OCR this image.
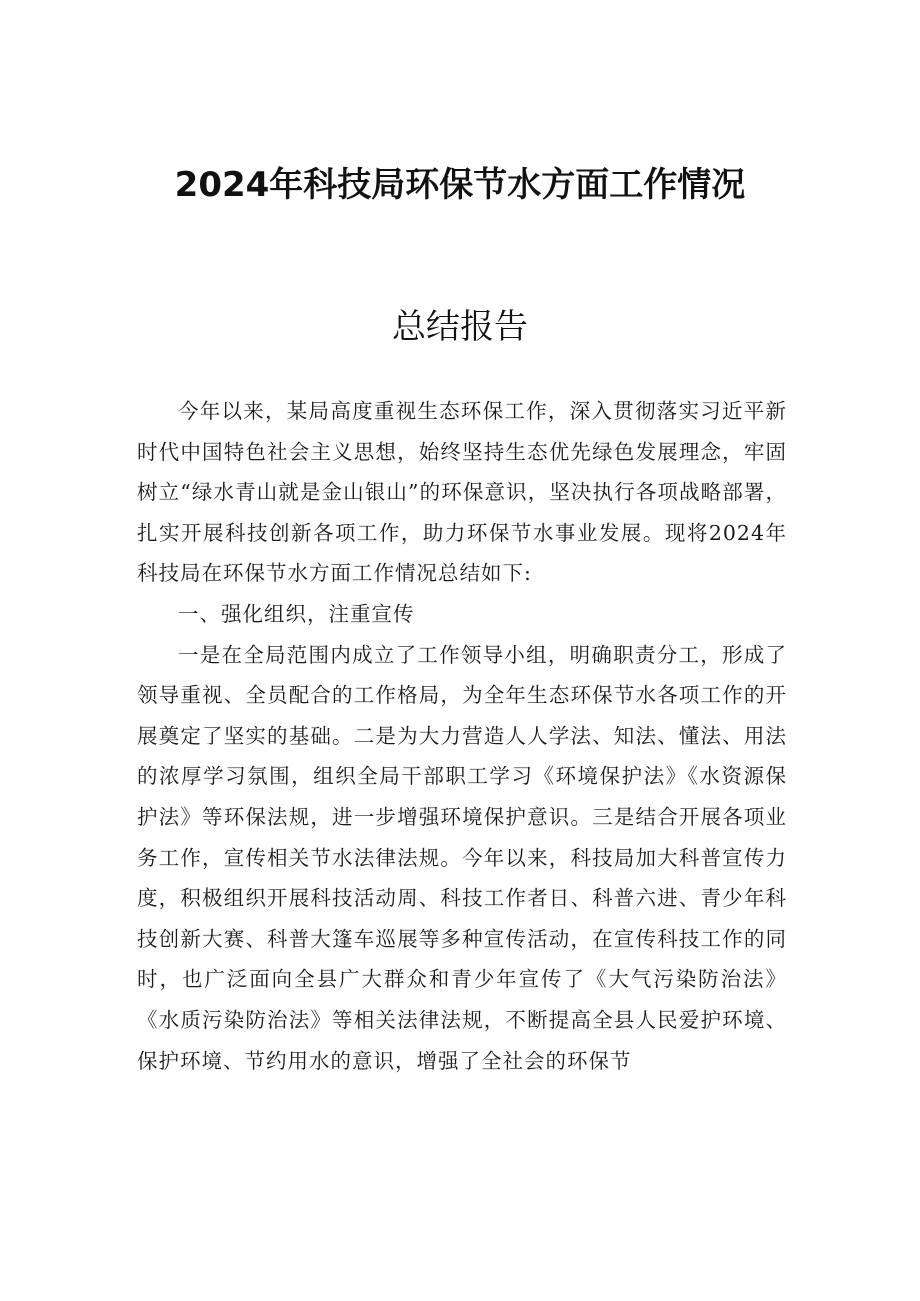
2024年科技局环保节水方面工作情况
总结报告

今年以来，某局高度重视生态环保工作，深入贯彻落实习近平新时代中国特色社会主义思想，始终坚持生态优先绿色发展理念，牢固树立“绿水青山就是金山银山”的环保意识，坚决执行各项战略部署，扎实开展科技创新各项工作，助力环保节水事业发展。现将2024年科技局在环保节水方面工作情况总结如下:

一、强化组织，注重宣传

一是在全局范围内成立了工作领导小组，明确职责分工，形成了领导重视、全员配合的工作格局，为全年生态环保节水各项工作的开展奠定了坚实的基础。二是为大力营造人人学法、知法、懂法、用法的浓厚学习氛围，组织全局干部职工学习《环境保护法》《水资源保护法》等环保法规，进一步增强环境保护意识。三是结合开展各项业务工作，宣传相关节水法律法规。今年以来，科技局加大科普宣传力度，积极组织开展科技活动周、科技工作者日、科普六进、青少年科技创新大赛、科普大篷车巡展等多种宣传活动，在宣传科技工作的同时，也广泛面向全县广大群众和青少年宣传了《大气污染防治法》《水质污染防治法》等相关法律法规，不断提高全县人民爱护环境、保护环境、节约用水的意识，增强了全社会的环保节
